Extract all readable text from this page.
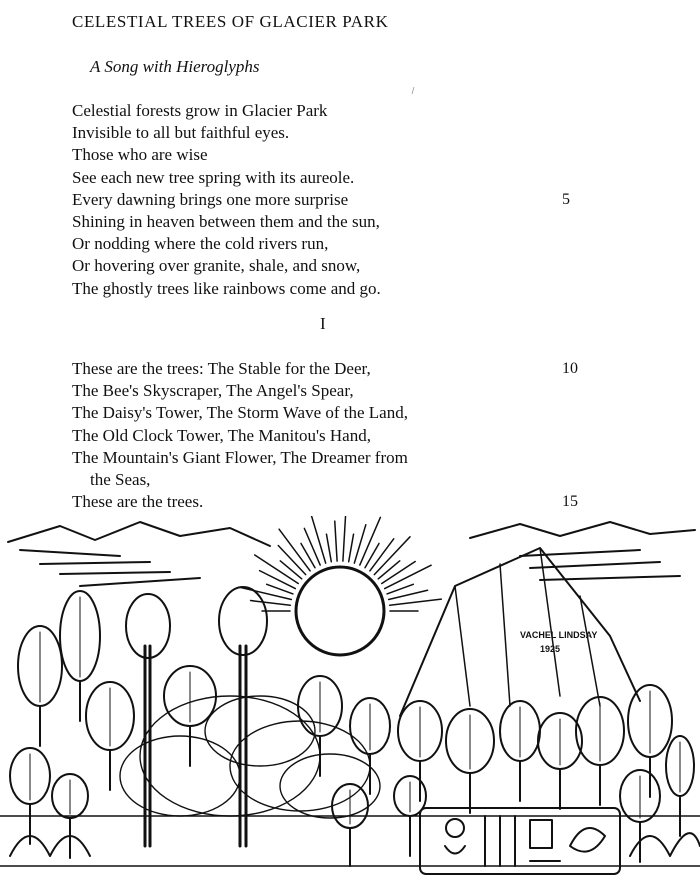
CELESTIAL TREES OF GLACIER PARK
A Song with Hieroglyphs
Celestial forests grow in Glacier Park
Invisible to all but faithful eyes.
Those who are wise
See each new tree spring with its aureole.
Every dawning brings one more surprise	5
Shining in heaven between them and the sun,
Or nodding where the cold rivers run,
Or hovering over granite, shale, and snow,
The ghostly trees like rainbows come and go.
I
These are the trees: The Stable for the Deer,	10
The Bee's Skyscraper, The Angel's Spear,
The Daisy's Tower, The Storm Wave of the Land,
The Old Clock Tower, The Manitou's Hand,
The Mountain's Giant Flower, The Dreamer from
the Seas,
These are the trees.	15
VACHEL LINDSAY
1925
